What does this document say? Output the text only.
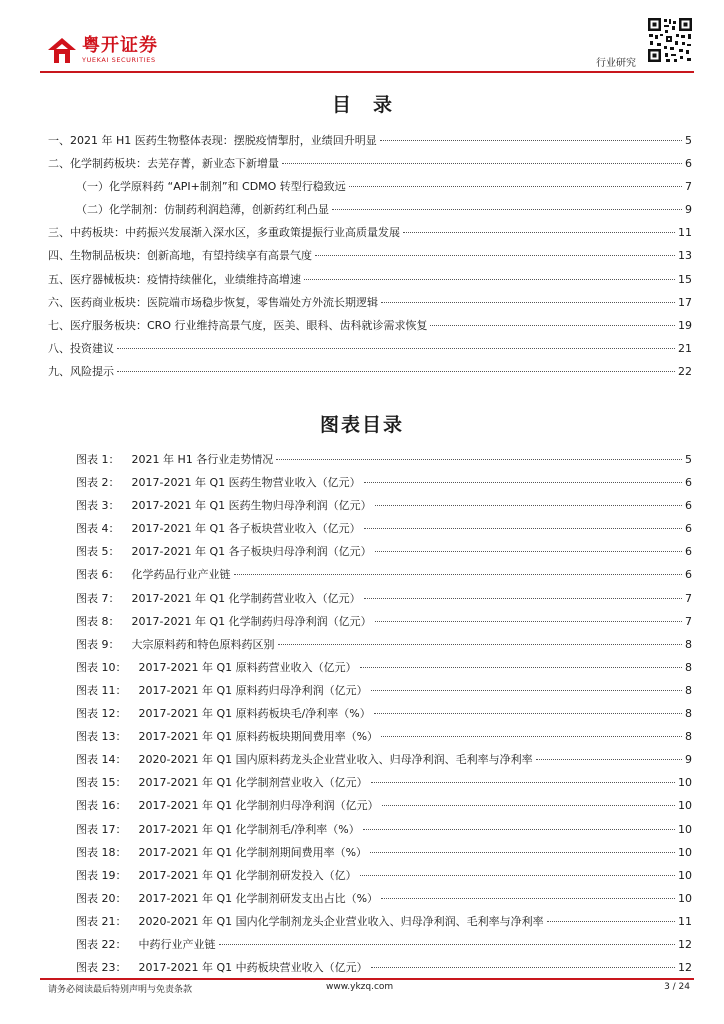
粤开证券
YUEKAI SECURITIES	行业研究
目录
一、2021 年 H1 医药生物整体表现：摆脱疫情掣肘，业绩回升明显	5
二、化学制药板块：去芜存菁，新业态下新增量	6
（一）化学原料药 “API+制剂”和 CDMO 转型行稳致远	7
（二）化学制剂：仿制药利润趋薄，创新药红利凸显	9
三、中药板块：中药振兴发展渐入深水区，多重政策提振行业高质量发展	11
四、生物制品板块：创新高地，有望持续享有高景气度	13
五、医疗器械板块：疫情持续催化，业绩维持高增速	15
六、医药商业板块：医院端市场稳步恢复，零售端处方外流长期逻辑	17
七、医疗服务板块：CRO 行业维持高景气度，医美、眼科、齿科就诊需求恢复	19
八、投资建议	21
九、风险提示	22
图表目录
图表 1： 2021 年 H1 各行业走势情况	5
图表 2： 2017-2021 年 Q1 医药生物营业收入（亿元）	6
图表 3： 2017-2021 年 Q1 医药生物归母净利润（亿元）	6
图表 4： 2017-2021 年 Q1 各子板块营业收入（亿元）	6
图表 5： 2017-2021 年 Q1 各子板块归母净利润（亿元）	6
图表 6： 化学药品行业产业链	6
图表 7： 2017-2021 年 Q1 化学制药营业收入（亿元）	7
图表 8： 2017-2021 年 Q1 化学制药归母净利润（亿元）	7
图表 9： 大宗原料药和特色原料药区别	8
图表 10： 2017-2021 年 Q1 原料药营业收入（亿元）	8
图表 11： 2017-2021 年 Q1 原料药归母净利润（亿元）	8
图表 12： 2017-2021 年 Q1 原料药板块毛/净利率（%）	8
图表 13： 2017-2021 年 Q1 原料药板块期间费用率（%）	8
图表 14： 2020-2021 年 Q1 国内原料药龙头企业营业收入、归母净利润、毛利率与净利率	9
图表 15： 2017-2021 年 Q1 化学制剂营业收入（亿元）	10
图表 16： 2017-2021 年 Q1 化学制剂归母净利润（亿元）	10
图表 17： 2017-2021 年 Q1 化学制剂毛/净利率（%）	10
图表 18： 2017-2021 年 Q1 化学制剂期间费用率（%）	10
图表 19： 2017-2021 年 Q1 化学制剂研发投入（亿）	10
图表 20： 2017-2021 年 Q1 化学制剂研发支出占比（%）	10
图表 21： 2020-2021 年 Q1 国内化学制剂龙头企业营业收入、归母净利润、毛利率与净利率	11
图表 22： 中药行业产业链	12
图表 23： 2017-2021 年 Q1 中药板块营业收入（亿元）	12
请务必阅读最后特别声明与免责条款	www.ykzq.com	3 / 24
